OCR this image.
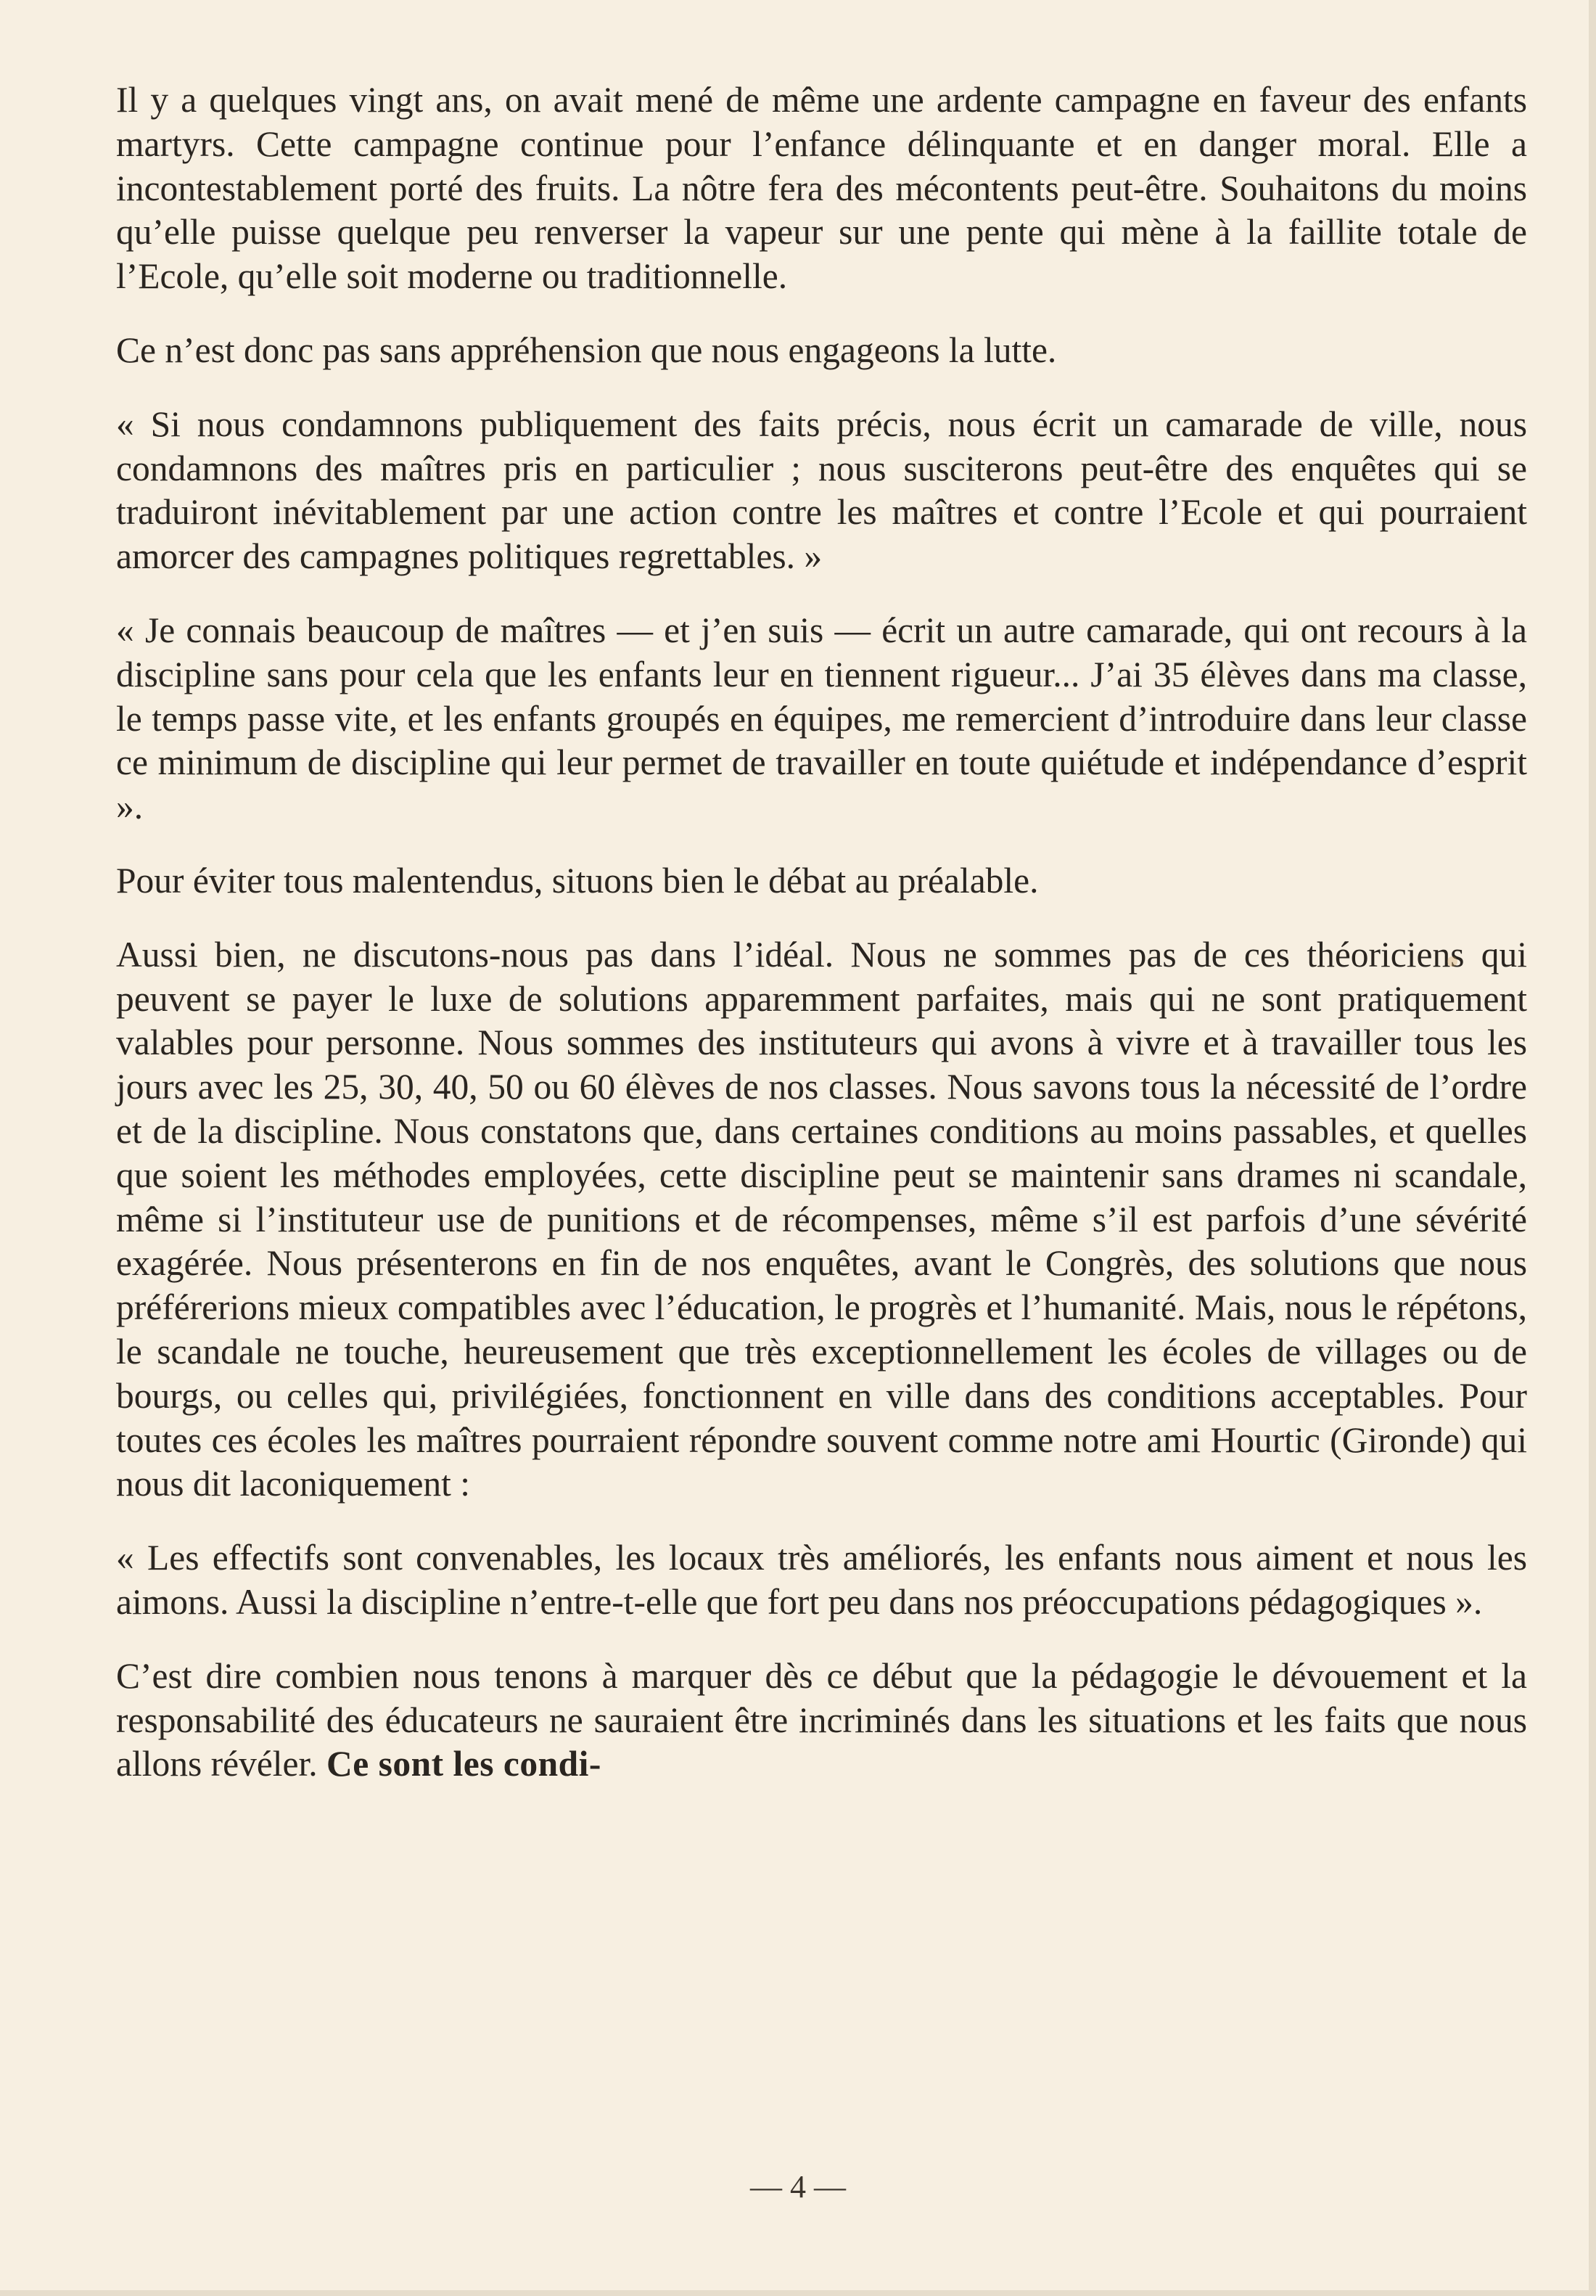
Il y a quelques vingt ans, on avait mené de même une ardente campagne en faveur des enfants martyrs. Cette campagne continue pour l’enfance délinquante et en danger moral. Elle a incontestablement porté des fruits. La nôtre fera des mécontents peut-être. Souhaitons du moins qu’elle puisse quelque peu renverser la vapeur sur une pente qui mène à la faillite totale de l’Ecole, qu’elle soit moderne ou traditionnelle.

Ce n’est donc pas sans appréhension que nous engageons la lutte.

« Si nous condamnons publiquement des faits précis, nous écrit un camarade de ville, nous condamnons des maîtres pris en particulier ; nous susciterons peut-être des enquêtes qui se traduiront inévitablement par une action contre les maîtres et contre l’Ecole et qui pourraient amorcer des campagnes politiques regrettables. »

« Je connais beaucoup de maîtres — et j’en suis — écrit un autre camarade, qui ont recours à la discipline sans pour cela que les enfants leur en tiennent rigueur... J’ai 35 élèves dans ma classe, le temps passe vite, et les enfants groupés en équipes, me remercient d’introduire dans leur classe ce minimum de discipline qui leur permet de travailler en toute quiétude et indépendance d’esprit ».

Pour éviter tous malentendus, situons bien le débat au préalable.

Aussi bien, ne discutons-nous pas dans l’idéal. Nous ne sommes pas de ces théoriciens qui peuvent se payer le luxe de solutions apparemment parfaites, mais qui ne sont pratiquement valables pour personne. Nous sommes des instituteurs qui avons à vivre et à travailler tous les jours avec les 25, 30, 40, 50 ou 60 élèves de nos classes. Nous savons tous la nécessité de l’ordre et de la discipline. Nous constatons que, dans certaines conditions au moins passables, et quelles que soient les méthodes employées, cette discipline peut se maintenir sans drames ni scandale, même si l’instituteur use de punitions et de récompenses, même s’il est parfois d’une sévérité exagérée. Nous présenterons en fin de nos enquêtes, avant le Congrès, des solutions que nous préférerions mieux compatibles avec l’éducation, le progrès et l’humanité. Mais, nous le répétons, le scandale ne touche, heureusement que très exceptionnellement les écoles de villages ou de bourgs, ou celles qui, privilégiées, fonctionnent en ville dans des conditions acceptables. Pour toutes ces écoles les maîtres pourraient répondre souvent comme notre ami Hourtic (Gironde) qui nous dit laconiquement :

« Les effectifs sont convenables, les locaux très améliorés, les enfants nous aiment et nous les aimons. Aussi la discipline n’entre-t-elle que fort peu dans nos préoccupations pédagogiques ».

C’est dire combien nous tenons à marquer dès ce début que la pédagogie le dévouement et la responsabilité des éducateurs ne sauraient être incriminés dans les situations et les faits que nous allons révéler. Ce sont les condi-

— 4 —
